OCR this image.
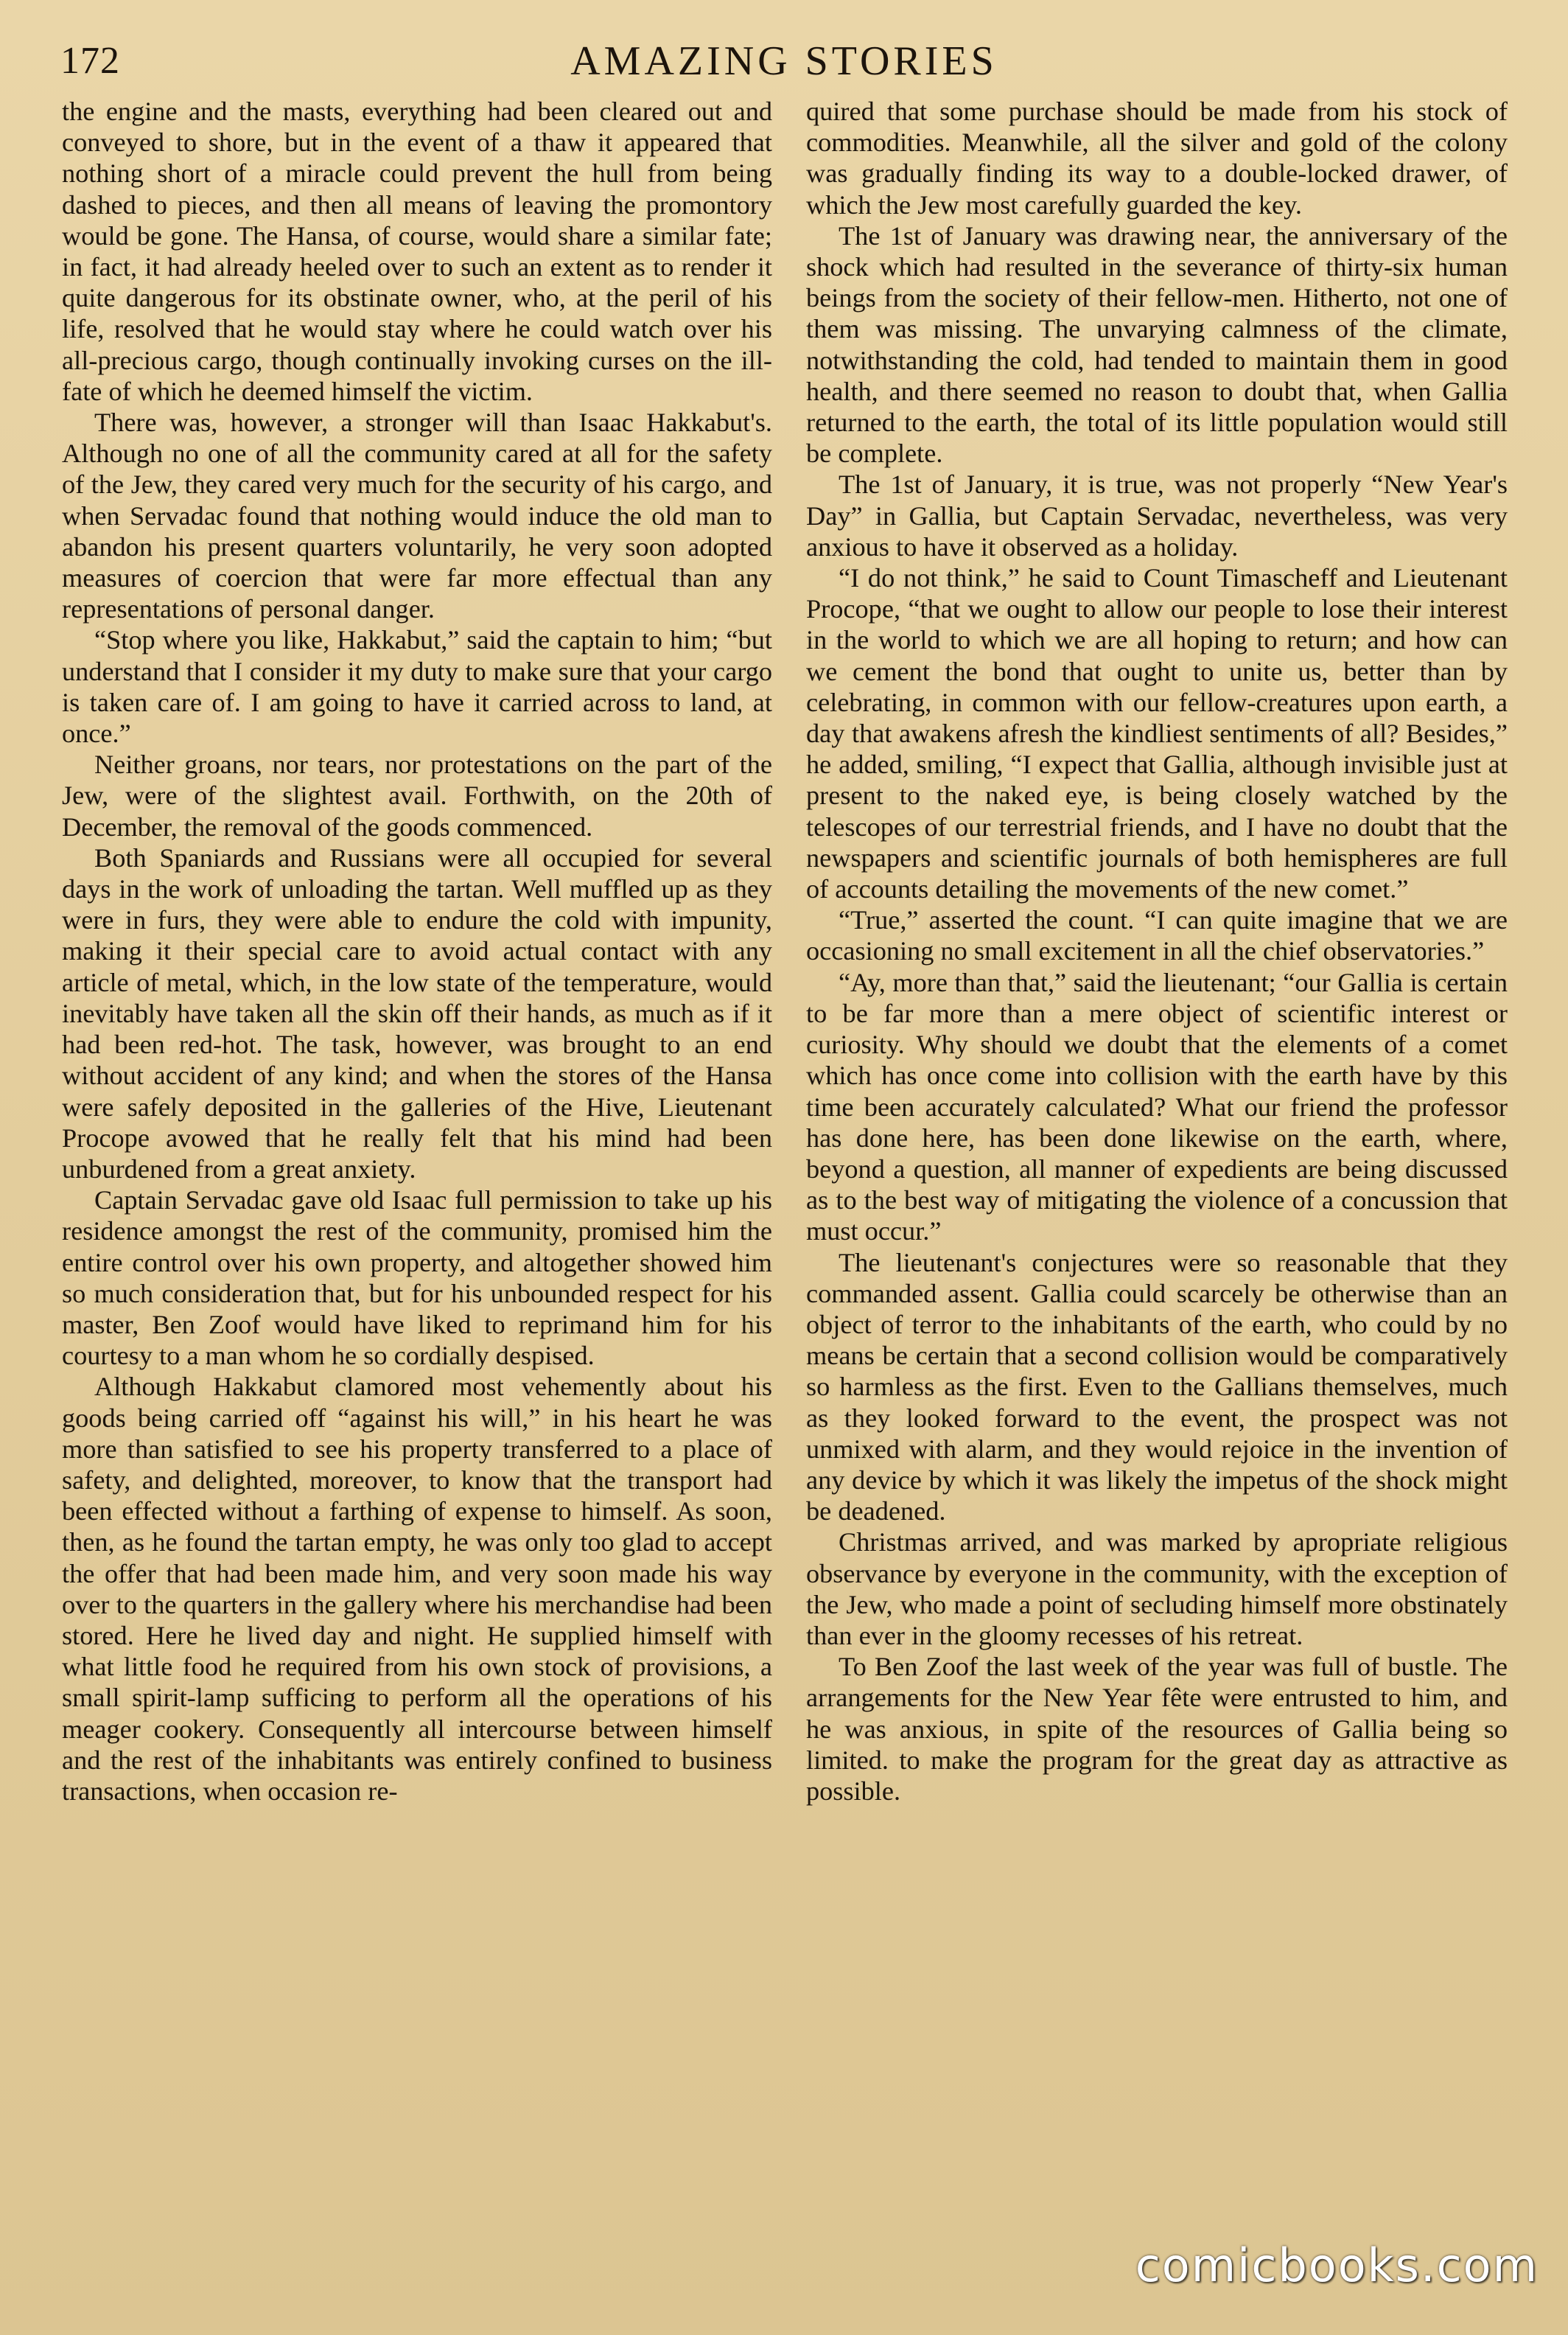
172	AMAZING STORIES

the engine and the masts, everything had been cleared out and conveyed to shore, but in the event of a thaw it appeared that nothing short of a miracle could prevent the hull from being dashed to pieces, and then all means of leaving the promontory would be gone. The Hansa, of course, would share a similar fate; in fact, it had already heeled over to such an extent as to render it quite dangerous for its obstinate owner, who, at the peril of his life, resolved that he would stay where he could watch over his all-precious cargo, though continually invoking curses on the ill-fate of which he deemed himself the victim.

There was, however, a stronger will than Isaac Hakkabut's. Although no one of all the community cared at all for the safety of the Jew, they cared very much for the security of his cargo, and when Servadac found that nothing would induce the old man to abandon his present quarters voluntarily, he very soon adopted measures of coercion that were far more effectual than any representations of personal danger.

“Stop where you like, Hakkabut,” said the captain to him; “but understand that I consider it my duty to make sure that your cargo is taken care of. I am going to have it carried across to land, at once.”

Neither groans, nor tears, nor protestations on the part of the Jew, were of the slightest avail. Forthwith, on the 20th of December, the removal of the goods commenced.

Both Spaniards and Russians were all occupied for several days in the work of unloading the tartan. Well muffled up as they were in furs, they were able to endure the cold with impunity, making it their special care to avoid actual contact with any article of metal, which, in the low state of the temperature, would inevitably have taken all the skin off their hands, as much as if it had been red-hot. The task, however, was brought to an end without accident of any kind; and when the stores of the Hansa were safely deposited in the galleries of the Hive, Lieutenant Procope avowed that he really felt that his mind had been unburdened from a great anxiety.

Captain Servadac gave old Isaac full permission to take up his residence amongst the rest of the community, promised him the entire control over his own property, and altogether showed him so much consideration that, but for his unbounded respect for his master, Ben Zoof would have liked to reprimand him for his courtesy to a man whom he so cordially despised.

Although Hakkabut clamored most vehemently about his goods being carried off “against his will,” in his heart he was more than satisfied to see his property transferred to a place of safety, and delighted, moreover, to know that the transport had been effected without a farthing of expense to himself. As soon, then, as he found the tartan empty, he was only too glad to accept the offer that had been made him, and very soon made his way over to the quarters in the gallery where his merchandise had been stored. Here he lived day and night. He supplied himself with what little food he required from his own stock of provisions, a small spirit-lamp sufficing to perform all the operations of his meager cookery. Consequently all intercourse between himself and the rest of the inhabitants was entirely confined to business transactions, when occasion re-

quired that some purchase should be made from his stock of commodities. Meanwhile, all the silver and gold of the colony was gradually finding its way to a double-locked drawer, of which the Jew most carefully guarded the key.

The 1st of January was drawing near, the anniversary of the shock which had resulted in the severance of thirty-six human beings from the society of their fellow-men. Hitherto, not one of them was missing. The unvarying calmness of the climate, notwithstanding the cold, had tended to maintain them in good health, and there seemed no reason to doubt that, when Gallia returned to the earth, the total of its little population would still be complete.

The 1st of January, it is true, was not properly “New Year's Day” in Gallia, but Captain Servadac, nevertheless, was very anxious to have it observed as a holiday.

“I do not think,” he said to Count Timascheff and Lieutenant Procope, “that we ought to allow our people to lose their interest in the world to which we are all hoping to return; and how can we cement the bond that ought to unite us, better than by celebrating, in common with our fellow-creatures upon earth, a day that awakens afresh the kindliest sentiments of all? Besides,” he added, smiling, “I expect that Gallia, although invisible just at present to the naked eye, is being closely watched by the telescopes of our terrestrial friends, and I have no doubt that the newspapers and scientific journals of both hemispheres are full of accounts detailing the movements of the new comet.”

“True,” asserted the count. “I can quite imagine that we are occasioning no small excitement in all the chief observatories.”

“Ay, more than that,” said the lieutenant; “our Gallia is certain to be far more than a mere object of scientific interest or curiosity. Why should we doubt that the elements of a comet which has once come into collision with the earth have by this time been accurately calculated? What our friend the professor has done here, has been done likewise on the earth, where, beyond a question, all manner of expedients are being discussed as to the best way of mitigating the violence of a concussion that must occur.”

The lieutenant's conjectures were so reasonable that they commanded assent. Gallia could scarcely be otherwise than an object of terror to the inhabitants of the earth, who could by no means be certain that a second collision would be comparatively so harmless as the first. Even to the Gallians themselves, much as they looked forward to the event, the prospect was not unmixed with alarm, and they would rejoice in the invention of any device by which it was likely the impetus of the shock might be deadened.

Christmas arrived, and was marked by apropriate religious observance by everyone in the community, with the exception of the Jew, who made a point of secluding himself more obstinately than ever in the gloomy recesses of his retreat.

To Ben Zoof the last week of the year was full of bustle. The arrangements for the New Year fête were entrusted to him, and he was anxious, in spite of the resources of Gallia being so limited. to make the program for the great day as attractive as possible.

comicbooks.com
